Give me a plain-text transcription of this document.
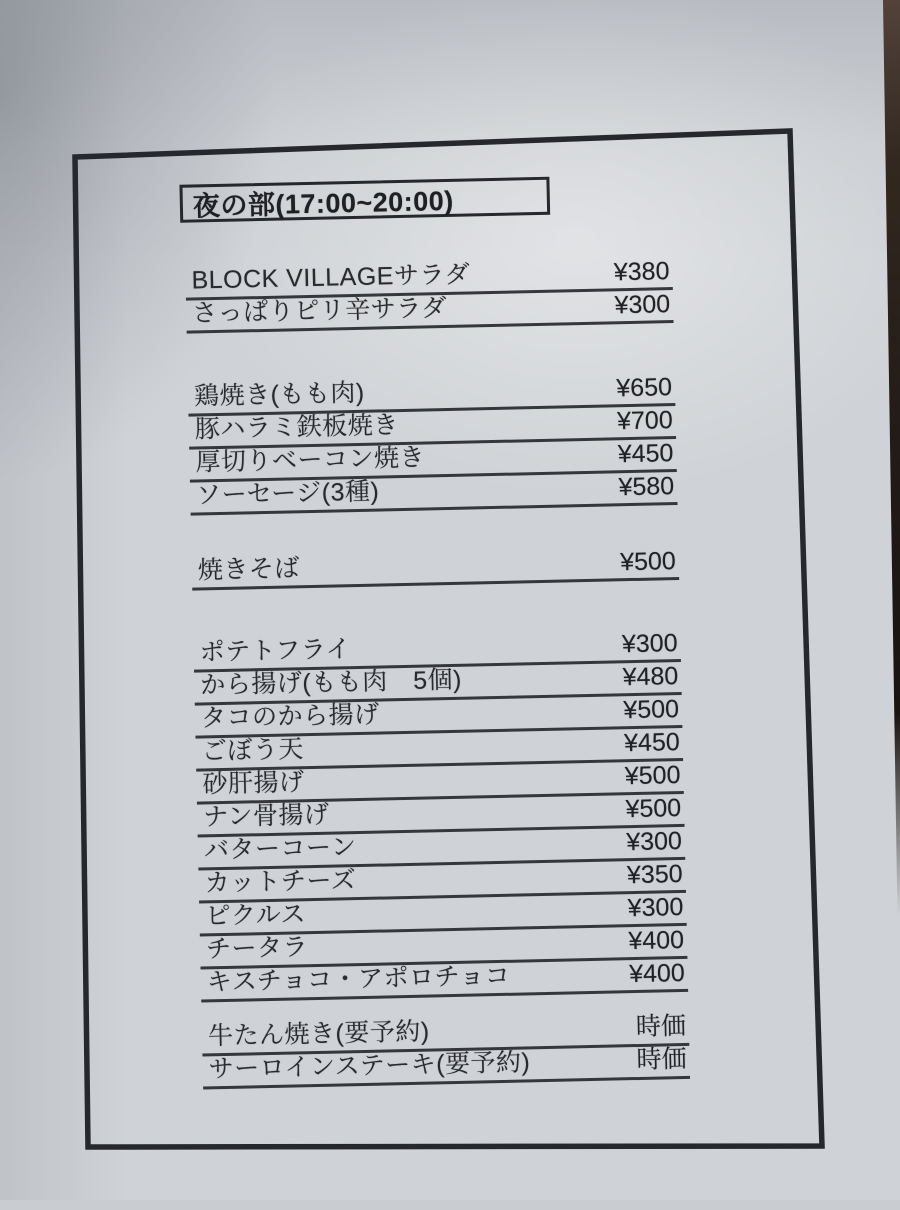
夜の部(17:00~20:00)
BLOCK VILLAGEサラダ	¥380
さっぱりピリ辛サラダ	¥300
鶏焼き(もも肉)	¥650
豚ハラミ鉄板焼き	¥700
厚切りベーコン焼き	¥450
ソーセージ(3種)	¥580
焼きそば	¥500
ポテトフライ	¥300
から揚げ(もも肉　5個)	¥480
タコのから揚げ	¥500
ごぼう天	¥450
砂肝揚げ	¥500
ナン骨揚げ	¥500
バターコーン	¥300
カットチーズ	¥350
ピクルス	¥300
チータラ	¥400
キスチョコ・アポロチョコ	¥400
牛たん焼き(要予約)	時価
サーロインステーキ(要予約)	時価
